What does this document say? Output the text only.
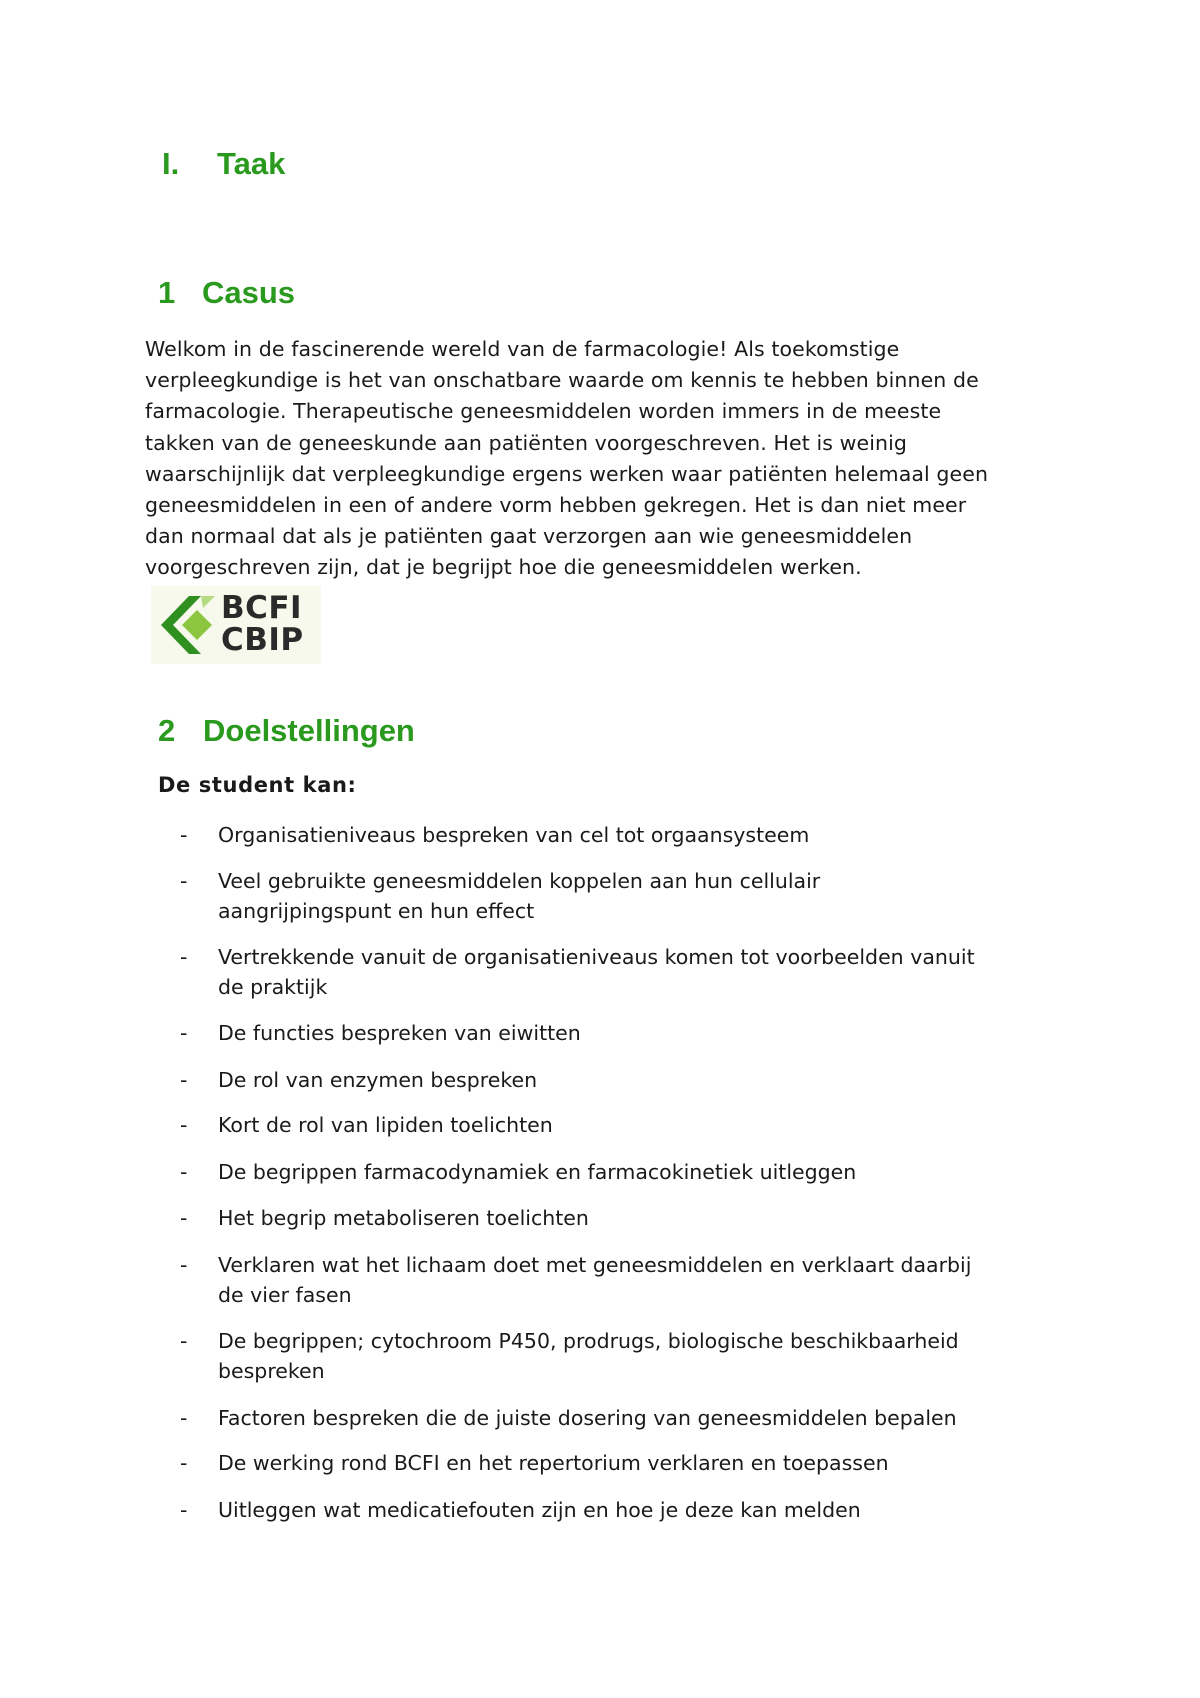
I. Taak
1 Casus

Welkom in de fascinerende wereld van de farmacologie! Als toekomstige
verpleegkundige is het van onschatbare waarde om kennis te hebben binnen de
farmacologie. Therapeutische geneesmiddelen worden immers in de meeste
takken van de geneeskunde aan patiënten voorgeschreven. Het is weinig
waarschijnlijk dat verpleegkundige ergens werken waar patiënten helemaal geen
geneesmiddelen in een of andere vorm hebben gekregen. Het is dan niet meer
dan normaal dat als je patiënten gaat verzorgen aan wie geneesmiddelen
voorgeschreven zijn, dat je begrijpt hoe die geneesmiddelen werken.

BCFI
CBIP
2 Doelstellingen

De student kan:

- Organisatieniveaus bespreken van cel tot orgaansysteem
- Veel gebruikte geneesmiddelen koppelen aan hun cellulair
aangrijpingspunt en hun effect
- Vertrekkende vanuit de organisatieniveaus komen tot voorbeelden vanuit
de praktijk
- De functies bespreken van eiwitten
- De rol van enzymen bespreken
- Kort de rol van lipiden toelichten
- De begrippen farmacodynamiek en farmacokinetiek uitleggen
- Het begrip metaboliseren toelichten
- Verklaren wat het lichaam doet met geneesmiddelen en verklaart daarbij
de vier fasen
- De begrippen; cytochroom P450, prodrugs, biologische beschikbaarheid
bespreken
- Factoren bespreken die de juiste dosering van geneesmiddelen bepalen
- De werking rond BCFI en het repertorium verklaren en toepassen
- Uitleggen wat medicatiefouten zijn en hoe je deze kan melden
